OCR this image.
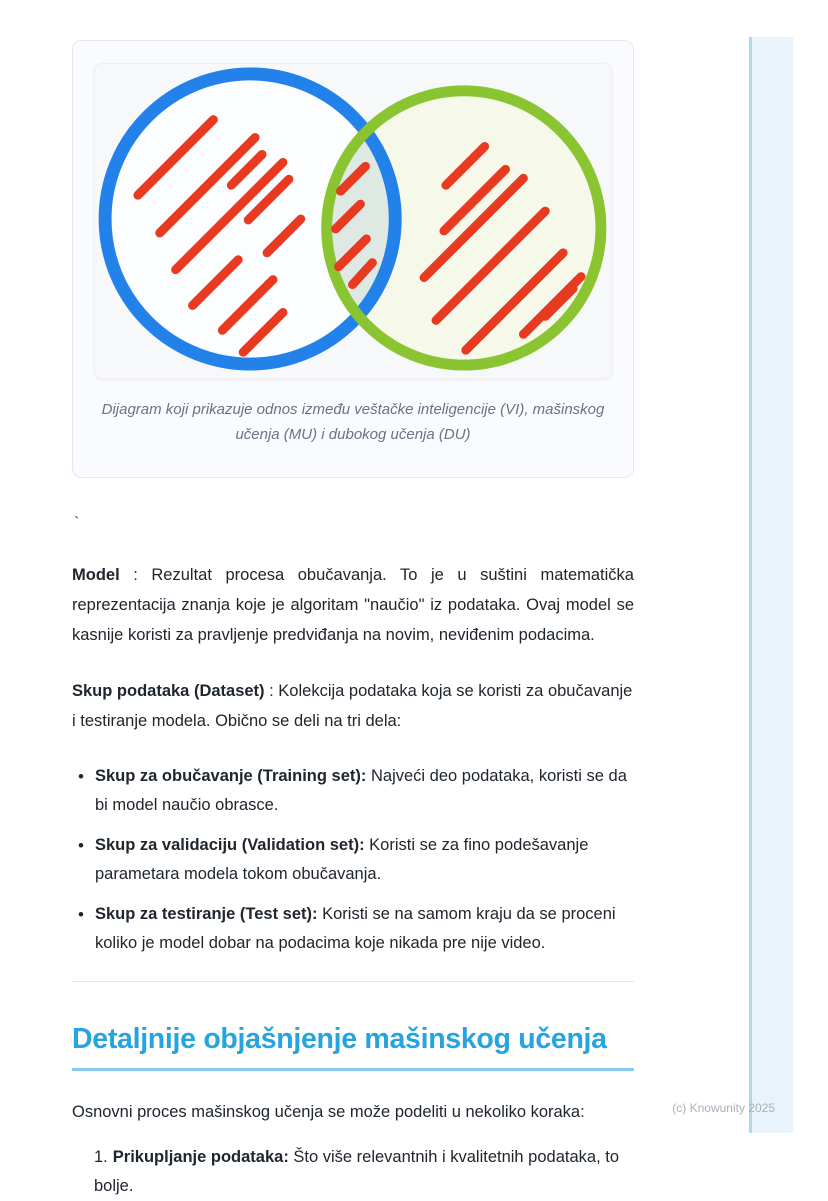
Dijagram koji prikazuje odnos između veštačke inteligencije (VI), mašinskog učenja (MU) i dubokog učenja (DU)
`

Model : Rezultat procesa obučavanja. To je u suštini matematička reprezentacija znanja koje je algoritam "naučio" iz podataka. Ovaj model se kasnije koristi za pravljenje predviđanja na novim, neviđenim podacima.

Skup podataka (Dataset) : Kolekcija podataka koja se koristi za obučavanje i testiranje modela. Obično se deli na tri dela:

• Skup za obučavanje (Training set): Najveći deo podataka, koristi se da bi model naučio obrasce.
• Skup za validaciju (Validation set): Koristi se za fino podešavanje parametara modela tokom obučavanja.
• Skup za testiranje (Test set): Koristi se na samom kraju da se proceni koliko je model dobar na podacima koje nikada pre nije video.
Detaljnije objašnjenje mašinskog učenja

Osnovni proces mašinskog učenja se može podeliti u nekoliko koraka:

1. Prikupljanje podataka: Što više relevantnih i kvalitetnih podataka, to bolje.
(c) Knowunity 2025
